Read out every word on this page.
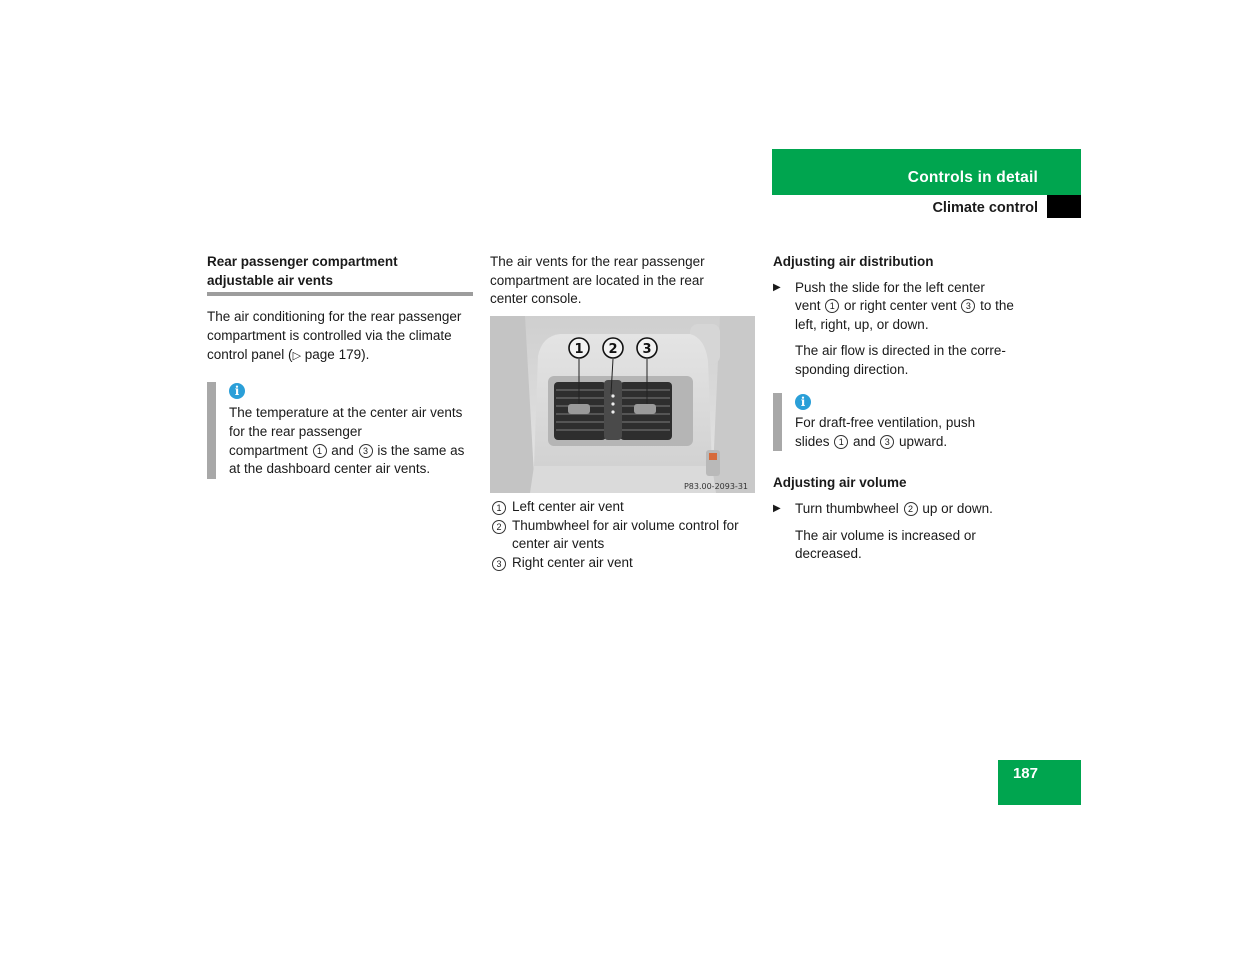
Controls in detail
Climate control
Rear passenger compartment
adjustable air vents
The air conditioning for the rear passenger
compartment is controlled via the climate
control panel (▷ page 179).
i
The temperature at the center air vents
for the rear passenger
compartment 1 and 3 is the same as
at the dashboard center air vents.
The air vents for the rear passenger
compartment are located in the rear
center console.
1 2 3
P83.00-2093-31
1 Left center air vent
2 Thumbwheel for air volume control for
center air vents
3 Right center air vent
Adjusting air distribution
▶ Push the slide for the left center
vent 1 or right center vent 3 to the
left, right, up, or down.
The air flow is directed in the corre-
sponding direction.
i
For draft-free ventilation, push
slides 1 and 3 upward.
Adjusting air volume
▶ Turn thumbwheel 2 up or down.
The air volume is increased or
decreased.
187
